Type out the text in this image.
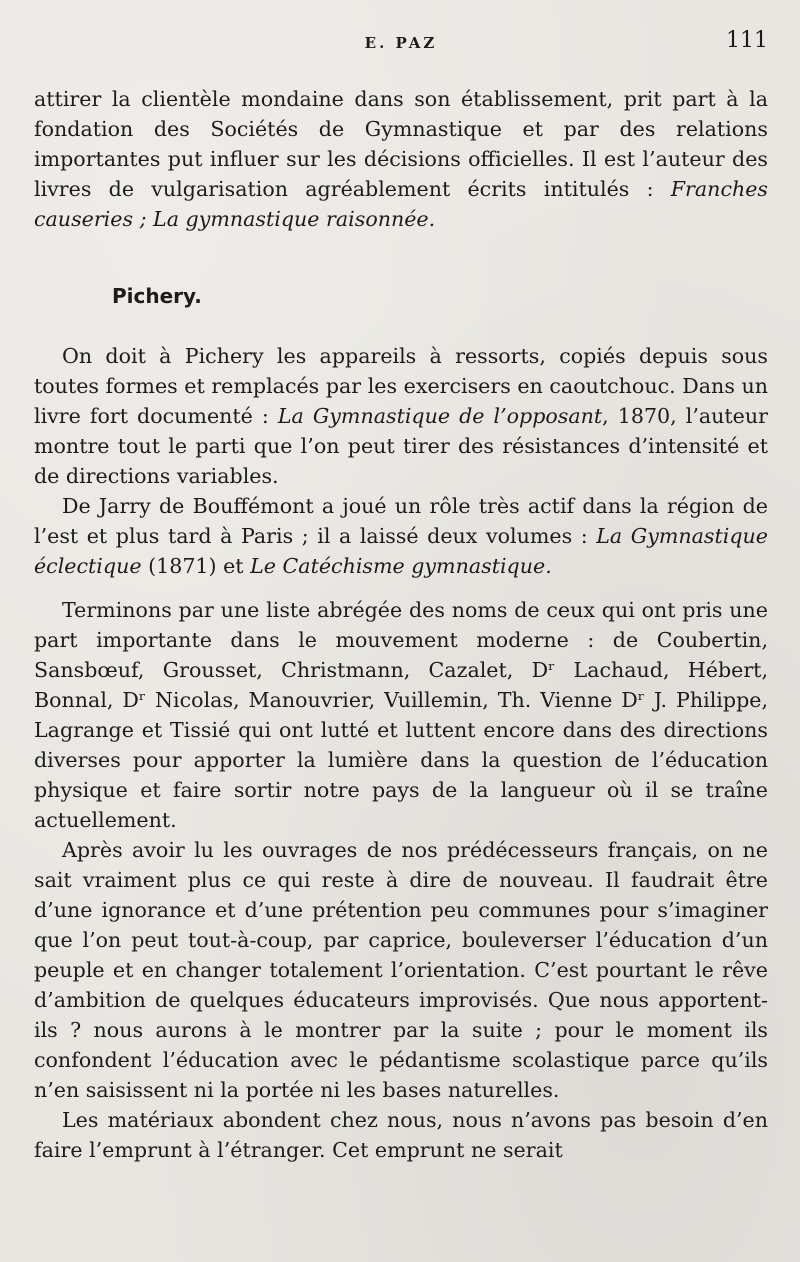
E. PAZ	111

attirer la clientèle mondaine dans son établissement, prit part à la fondation des Sociétés de Gymnastique et par des relations importantes put influer sur les décisions officielles. Il est l’auteur des livres de vulgarisation agréablement écrits intitulés : Franches causeries ; La gymnastique raisonnée.

Pichery.

On doit à Pichery les appareils à ressorts, copiés depuis sous toutes formes et remplacés par les exercisers en caoutchouc. Dans un livre fort documenté : La Gymnastique de l’opposant, 1870, l’auteur montre tout le parti que l’on peut tirer des résistances d’intensité et de directions variables.

De Jarry de Bouffémont a joué un rôle très actif dans la région de l’est et plus tard à Paris ; il a laissé deux volumes : La Gymnastique éclectique (1871) et Le Catéchisme gymnastique.

Terminons par une liste abrégée des noms de ceux qui ont pris une part importante dans le mouvement moderne : de Coubertin, Sansbœuf, Grousset, Christmann, Cazalet, Dʳ Lachaud, Hébert, Bonnal, Dʳ Nicolas, Manouvrier, Vuillemin, Th. Vienne Dʳ J. Philippe, Lagrange et Tissié qui ont lutté et luttent encore dans des directions diverses pour apporter la lumière dans la question de l’éducation physique et faire sortir notre pays de la langueur où il se traîne actuellement.

Après avoir lu les ouvrages de nos prédécesseurs français, on ne sait vraiment plus ce qui reste à dire de nouveau. Il faudrait être d’une ignorance et d’une prétention peu communes pour s’imaginer que l’on peut tout-à-coup, par caprice, bouleverser l’éducation d’un peuple et en changer totalement l’orientation. C’est pourtant le rêve d’ambition de quelques éducateurs improvisés. Que nous apportent-ils ? nous aurons à le montrer par la suite ; pour le moment ils confondent l’éducation avec le pédantisme scolastique parce qu’ils n’en saisissent ni la portée ni les bases naturelles.

Les matériaux abondent chez nous, nous n’avons pas besoin d’en faire l’emprunt à l’étranger. Cet emprunt ne serait
